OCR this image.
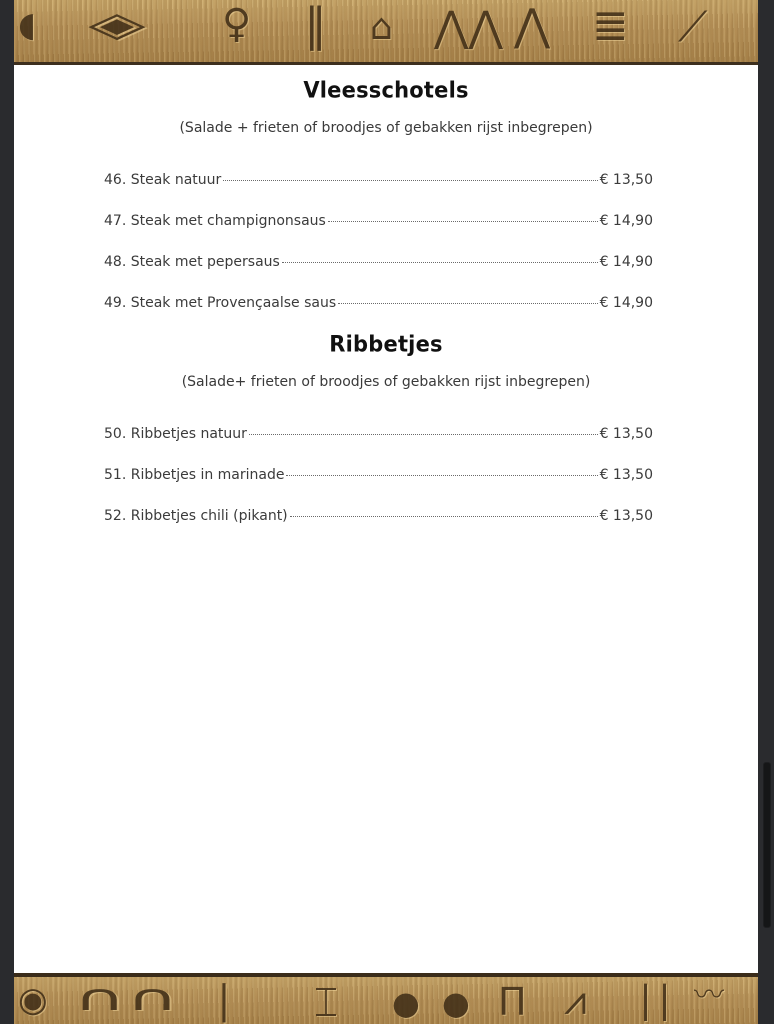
◖ ◈ ♀ ∥ ⌂ ⋀⋀ ⋀ ≣ ⟋
Vleesschotels
(Salade + frieten of broodjes of gebakken rijst inbegrepen)
46. Steak natuur	€ 13,50
47. Steak met champignonsaus	€ 14,90
48. Steak met pepersaus	€ 14,90
49. Steak met Provençaalse saus	€ 14,90
Ribbetjes
(Salade+ frieten of broodjes of gebakken rijst inbegrepen)
50. Ribbetjes natuur	€ 13,50
51. Ribbetjes in marinade	€ 13,50
52. Ribbetjes chili (pikant)	€ 13,50
◉ ∩∩ ∣ ⌶ ● ● Π ⩘ ∣∣ 〰
